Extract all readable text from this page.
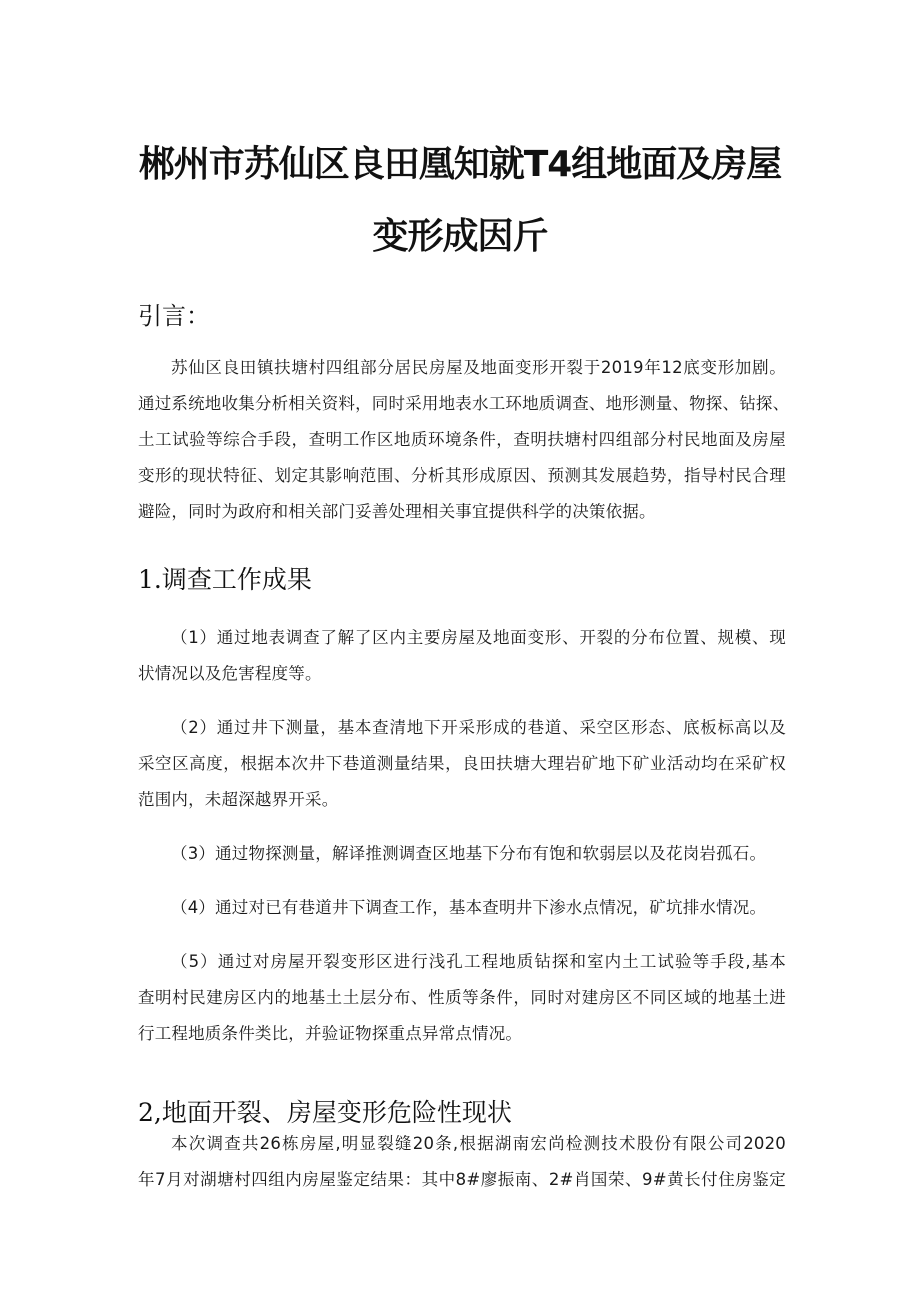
郴州市苏仙区良田凰知就T4组地面及房屋
变形成因斤
引言：
苏仙区良田镇扶塘村四组部分居民房屋及地面变形开裂于2019年12底变形加剧。
通过系统地收集分析相关资料，同时采用地表水工环地质调查、地形测量、物探、钻探、
土工试验等综合手段，查明工作区地质环境条件，查明扶塘村四组部分村民地面及房屋
变形的现状特征、划定其影响范围、分析其形成原因、预测其发展趋势，指导村民合理
避险，同时为政府和相关部门妥善处理相关事宜提供科学的决策依据。
1.调查工作成果
（1）通过地表调查了解了区内主要房屋及地面变形、开裂的分布位置、规模、现
状情况以及危害程度等。
（2）通过井下测量，基本查清地下开采形成的巷道、采空区形态、底板标高以及
采空区高度，根据本次井下巷道测量结果，良田扶塘大理岩矿地下矿业活动均在采矿权
范围内，未超深越界开采。
（3）通过物探测量，解译推测调查区地基下分布有饱和软弱层以及花岗岩孤石。
（4）通过对已有巷道井下调查工作，基本查明井下渗水点情况，矿坑排水情况。
（5）通过对房屋开裂变形区进行浅孔工程地质钻探和室内土工试验等手段,基本
查明村民建房区内的地基土土层分布、性质等条件，同时对建房区不同区域的地基土进
行工程地质条件类比，并验证物探重点异常点情况。
2,地面开裂、房屋变形危险性现状
本次调查共26栋房屋,明显裂缝20条,根据湖南宏尚检测技术股份有限公司2020
年7月对湖塘村四组内房屋鉴定结果：其中8#廖振南、2#肖国荣、9#黄长付住房鉴定
